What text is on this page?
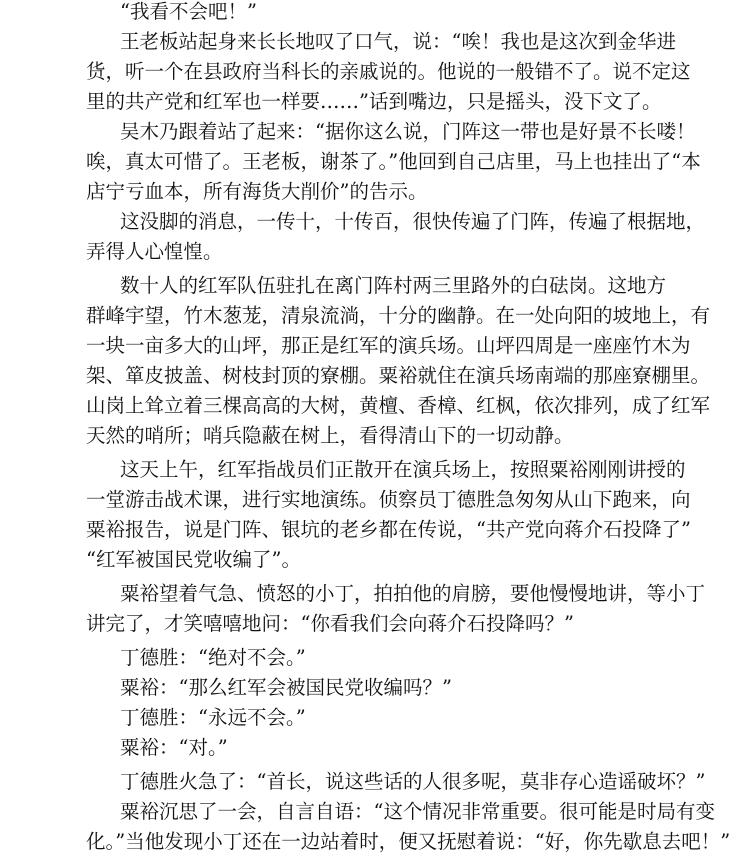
“我看不会吧！”
王老板站起身来长长地叹了口气，说：“唉！我也是这次到金华进
货，听一个在县政府当科长的亲戚说的。他说的一般错不了。说不定这
里的共产党和红军也一样要……”话到嘴边，只是摇头，没下文了。
吴木乃跟着站了起来：“据你这么说，门阵这一带也是好景不长喽！
唉，真太可惜了。王老板，谢茶了。”他回到自己店里，马上也挂出了“本
店宁亏血本，所有海货大削价”的告示。
这没脚的消息，一传十，十传百，很快传遍了门阵，传遍了根据地，
弄得人心惶惶。
数十人的红军队伍驻扎在离门阵村两三里路外的白砝岗。这地方
群峰宇望，竹木葱茏，清泉流淌，十分的幽静。在一处向阳的坡地上，有
一块一亩多大的山坪，那正是红军的演兵场。山坪四周是一座座竹木为
架、箪皮披盖、树枝封顶的寮棚。粟裕就住在演兵场南端的那座寮棚里。
山岗上耸立着三棵高高的大树，黄檀、香樟、红枫，依次排列，成了红军
天然的哨所；哨兵隐蔽在树上，看得清山下的一切动静。
这天上午，红军指战员们正散开在演兵场上，按照粟裕刚刚讲授的
一堂游击战术课，进行实地演练。侦察员丁德胜急匆匆从山下跑来，向
粟裕报告，说是门阵、银坑的老乡都在传说，“共产党向蒋介石投降了”
“红军被国民党收编了”。
粟裕望着气急、愤怒的小丁，拍拍他的肩膀，要他慢慢地讲，等小丁
讲完了，才笑嘻嘻地问：“你看我们会向蒋介石投降吗？”
丁德胜：“绝对不会。”
粟裕：“那么红军会被国民党收编吗？”
丁德胜：“永远不会。”
粟裕：“对。”
丁德胜火急了：“首长，说这些话的人很多呢，莫非存心造谣破坏？”
粟裕沉思了一会，自言自语：“这个情况非常重要。很可能是时局有变
化。”当他发现小丁还在一边站着时，便又抚慰着说：“好，你先歇息去吧！”
